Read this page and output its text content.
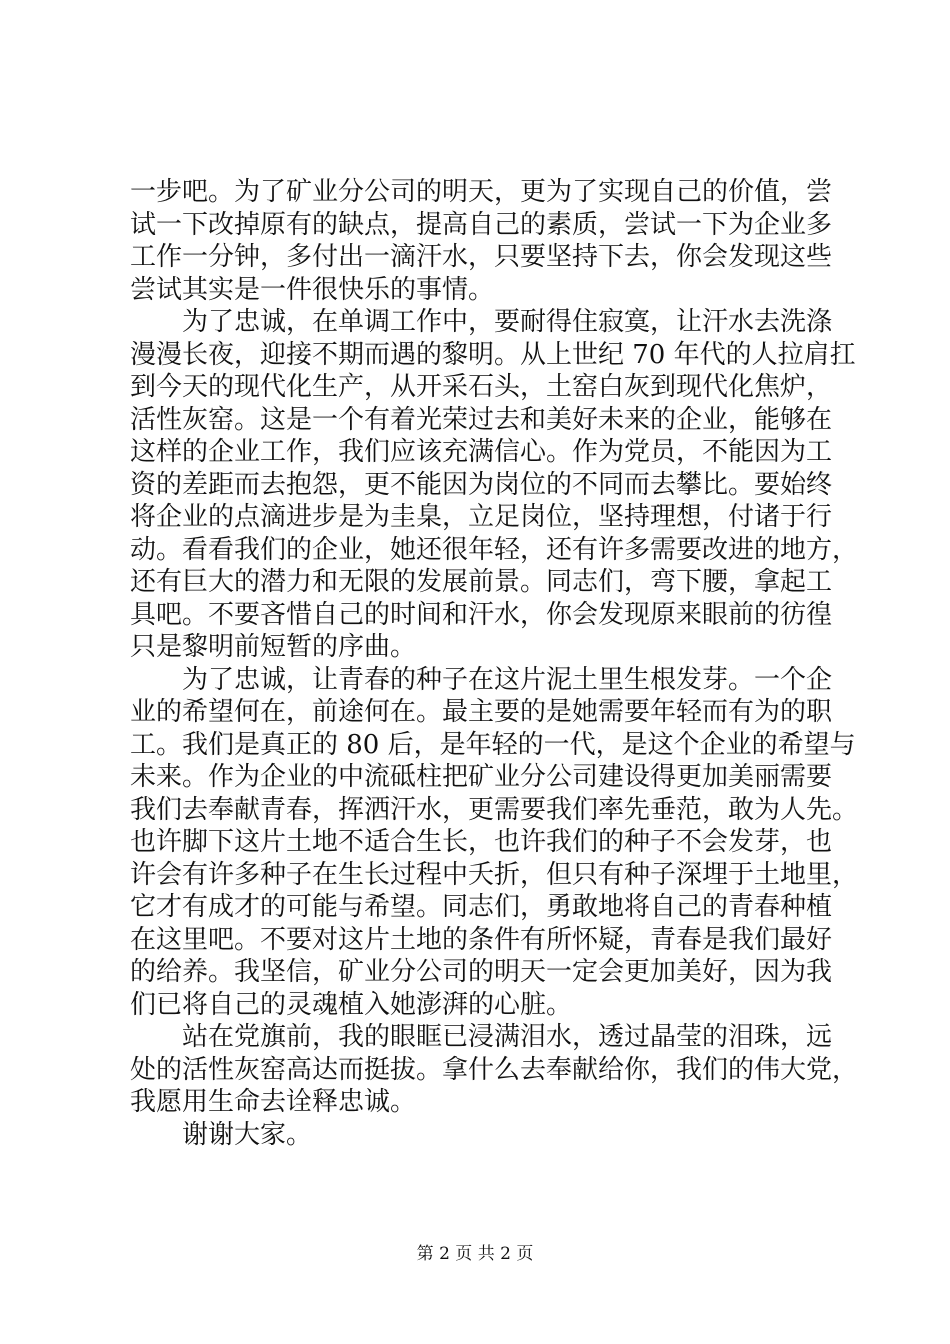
一步吧。为了矿业分公司的明天，更为了实现自己的价值，尝
试一下改掉原有的缺点，提高自己的素质，尝试一下为企业多
工作一分钟，多付出一滴汗水，只要坚持下去，你会发现这些
尝试其实是一件很快乐的事情。
为了忠诚，在单调工作中，要耐得住寂寞，让汗水去洗涤
漫漫长夜，迎接不期而遇的黎明。从上世纪 70 年代的人拉肩扛
到今天的现代化生产，从开采石头，土窑白灰到现代化焦炉，
活性灰窑。这是一个有着光荣过去和美好未来的企业，能够在
这样的企业工作，我们应该充满信心。作为党员，不能因为工
资的差距而去抱怨，更不能因为岗位的不同而去攀比。要始终
将企业的点滴进步是为圭臬，立足岗位，坚持理想，付诸于行
动。看看我们的企业，她还很年轻，还有许多需要改进的地方，
还有巨大的潜力和无限的发展前景。同志们，弯下腰，拿起工
具吧。不要吝惜自己的时间和汗水，你会发现原来眼前的彷徨
只是黎明前短暂的序曲。
为了忠诚，让青春的种子在这片泥土里生根发芽。一个企
业的希望何在，前途何在。最主要的是她需要年轻而有为的职
工。我们是真正的 80 后，是年轻的一代，是这个企业的希望与
未来。作为企业的中流砥柱把矿业分公司建设得更加美丽需要
我们去奉献青春，挥洒汗水，更需要我们率先垂范，敢为人先。
也许脚下这片土地不适合生长，也许我们的种子不会发芽，也
许会有许多种子在生长过程中夭折，但只有种子深埋于土地里，
它才有成才的可能与希望。同志们，勇敢地将自己的青春种植
在这里吧。不要对这片土地的条件有所怀疑，青春是我们最好
的给养。我坚信，矿业分公司的明天一定会更加美好，因为我
们已将自己的灵魂植入她澎湃的心脏。
站在党旗前，我的眼眶已浸满泪水，透过晶莹的泪珠，远
处的活性灰窑高达而挺拔。拿什么去奉献给你，我们的伟大党，
我愿用生命去诠释忠诚。
谢谢大家。
第 2 页 共 2 页
